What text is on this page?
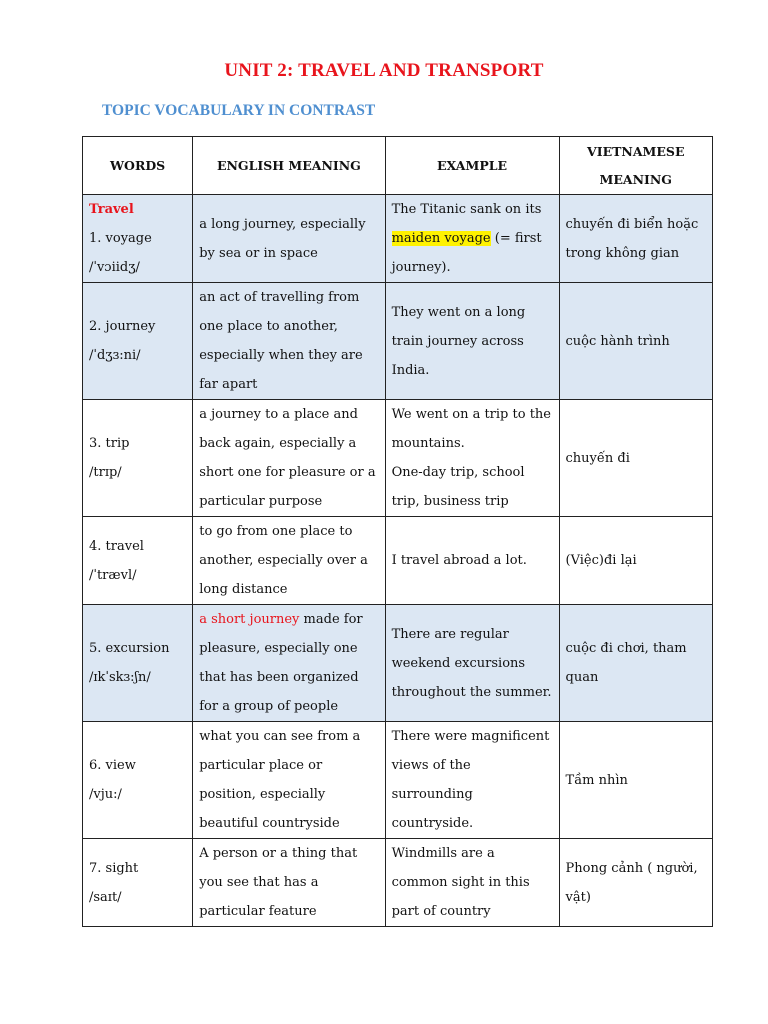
UNIT 2: TRAVEL AND TRANSPORT
TOPIC VOCABULARY IN CONTRAST
WORDS	ENGLISH MEANING	EXAMPLE	VIETNAMESE
MEANING

Travel
1. voyage
/ˈvɔiidʒ/	a long journey, especially by sea or in space	The Titanic sank on its maiden voyage (= first journey).	chuyến đi biển hoặc trong không gian

2. journey
/ˈdʒɜ:ni/	an act of travelling from one place to another, especially when they are far apart	They went on a long train journey across India.	cuộc hành trình

3. trip
/trɪp/	a journey to a place and back again, especially a short one for pleasure or a particular purpose	We went on a trip to the mountains.
One-day trip, school trip, business trip	chuyến đi

4. travel
/ˈtrævl/	to go from one place to another, especially over a long distance	I travel abroad a lot.	(Việc)đi lại

5. excursion
/ɪkˈskɜ:ʃn/	a short journey made for pleasure, especially one that has been organized for a group of people	There are regular weekend excursions throughout the summer.	cuộc đi chơi, tham quan

6. view
/vju:/	what you can see from a particular place or position, especially beautiful countryside	There were magnificent views of the surrounding countryside.	Tầm nhìn

7. sight
/saɪt/	A person or a thing that you see that has a particular feature	Windmills are a common sight in this part of country	Phong cảnh ( người, vật)
